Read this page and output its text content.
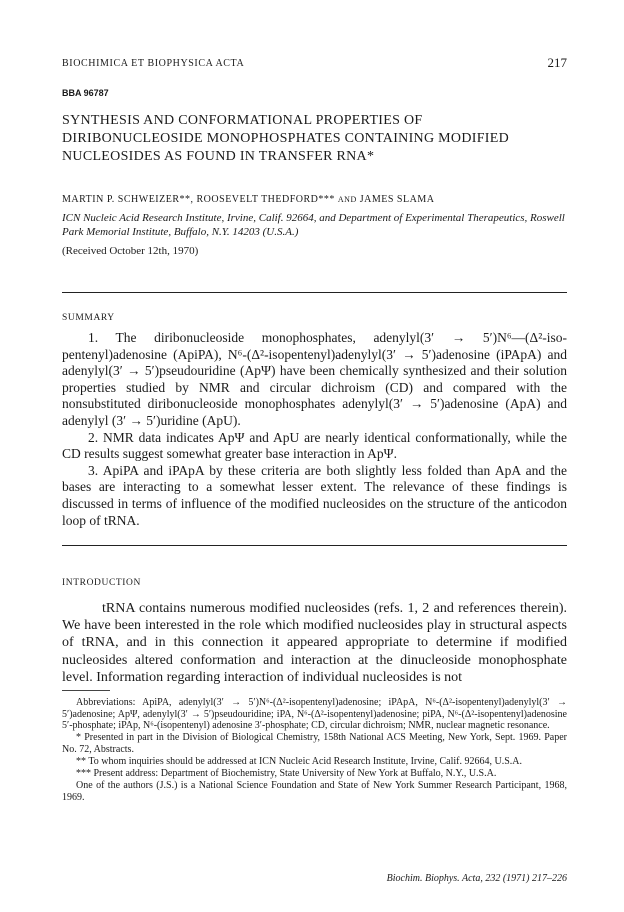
BIOCHIMICA ET BIOPHYSICA ACTA	217
BBA 96787
SYNTHESIS AND CONFORMATIONAL PROPERTIES OF DIRIBONUCLEOSIDE MONOPHOSPHATES CONTAINING MODIFIED NUCLEOSIDES AS FOUND IN TRANSFER RNA*
MARTIN P. SCHWEIZER**, ROOSEVELT THEDFORD*** AND JAMES SLAMA
ICN Nucleic Acid Research Institute, Irvine, Calif. 92664, and Department of Experimental Therapeutics, Roswell Park Memorial Institute, Buffalo, N.Y. 14203 (U.S.A.)
(Received October 12th, 1970)
SUMMARY

1. The diribonucleoside monophosphates, adenylyl(3′ → 5′)N⁶—(Δ²-iso-pentenyl)adenosine (ApiPA), N⁶-(Δ²-isopentenyl)adenylyl(3′ → 5′)adenosine (iPApA) and adenylyl(3′ → 5′)pseudouridine (ApΨ) have been chemically synthesized and their solution properties studied by NMR and circular dichroism (CD) and compared with the nonsubstituted diribonucleoside monophosphates adenylyl(3′ → 5′)adenosine (ApA) and adenylyl (3′ → 5′)uridine (ApU).

2. NMR data indicates ApΨ and ApU are nearly identical conformationally, while the CD results suggest somewhat greater base interaction in ApΨ.

3. ApiPA and iPApA by these criteria are both slightly less folded than ApA and the bases are interacting to a somewhat lesser extent. The relevance of these findings is discussed in terms of influence of the modified nucleosides on the structure of the anticodon loop of tRNA.

INTRODUCTION

tRNA contains numerous modified nucleosides (refs. 1, 2 and references therein). We have been interested in the role which modified nucleosides play in structural aspects of tRNA, and in this connection it appeared appropriate to determine if modified nucleosides altered conformation and interaction at the dinucleoside monophosphate level. Information regarding interaction of individual nucleosides is not

Abbreviations: ApiPA, adenylyl(3′ → 5′)N⁶-(Δ²-isopentenyl)adenosine; iPApA, N⁶-(Δ²-isopentenyl)adenylyl(3′ → 5′)adenosine; ApΨ, adenylyl(3′ → 5′)pseudouridine; iPA, N⁶-(Δ²-isopentenyl)adenosine; piPA, N⁶-(Δ²-isopentenyl)adenosine 5′-phosphate; iPAp, N⁶-(isopentenyl) adenosine 3′-phosphate; CD, circular dichroism; NMR, nuclear magnetic resonance.

* Presented in part in the Division of Biological Chemistry, 158th National ACS Meeting, New York, Sept. 1969. Paper No. 72, Abstracts.

** To whom inquiries should be addressed at ICN Nucleic Acid Research Institute, Irvine, Calif. 92664, U.S.A.

*** Present address: Department of Biochemistry, State University of New York at Buffalo, N.Y., U.S.A.

One of the authors (J.S.) is a National Science Foundation and State of New York Summer Research Participant, 1968, 1969.

Biochim. Biophys. Acta, 232 (1971) 217–226
